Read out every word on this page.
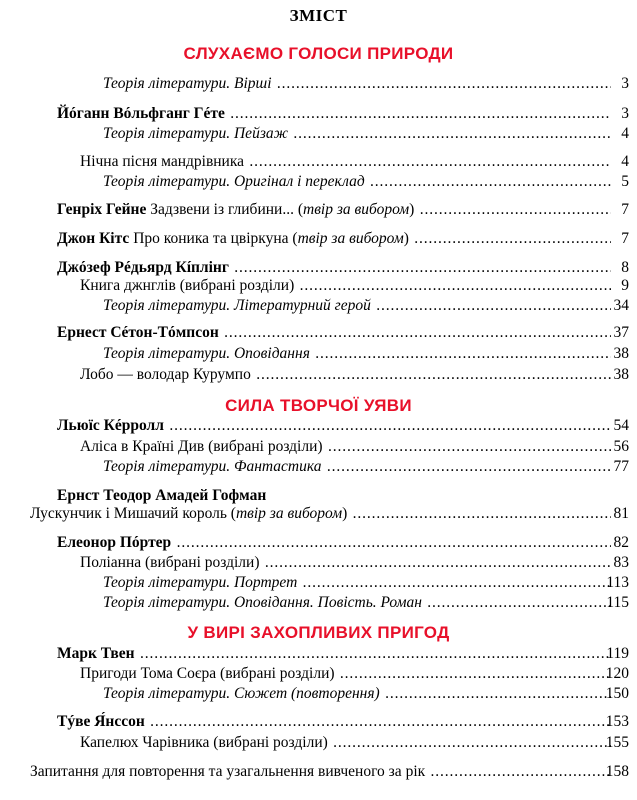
ЗМІСТ
СЛУХАЄМО ГОЛОСИ ПРИРОДИ
СИЛА ТВОРЧОЇ УЯВИ
У ВИРІ ЗАХОПЛИВИХ ПРИГОД
Теорія літератури. Вірші . . .	3
Йóганн Вóльфганг Гéте . . .	3
Теорія літератури. Пейзаж . . .	4
Нічна пісня мандрівника . . .	4
Теорія літератури. Оригінал і переклад . . .	5
Генріх Гейне Задзвени із глибини... (твір за вибором) . . .	7
Джон Кітс Про коника та цвіркуна (твір за вибором) . . .	7
Джóзеф Рéдьярд Кíплінг . . .	8
Книга джнглів (вибрані розділи) . . .	9
Теорія літератури. Літературний герой . . .	34
Ернест Сéтон-Тóмпсон . . .	37
Теорія літератури. Оповідання . . .	38
Лобо — володар Курумпо . . .	38
Льюїс Кéрролл . . .	54
Аліса в Країні Див (вибрані розділи) . . .	56
Теорія літератури. Фантастика . . .	77
Ернст Теодор Амадей Гофман
Лускунчик і Мишачий король (твір за вибором) . . .	81
Елеонор Пóртер . . .	82
Поліанна (вибрані розділи) . . .	83
Теорія літератури. Портрет . . .	113
Теорія літератури. Оповідання. Повість. Роман . . .	115
Марк Твен . . .	119
Пригоди Тома Соєра (вибрані розділи) . . .	120
Теорія літератури. Сюжет (повторення) . . .	150
Тýве Я́нссон . . .	153
Капелюх Чарівника (вибрані розділи) . . .	155
Запитання для повторення та узагальнення вивченого за рік . . .	158
